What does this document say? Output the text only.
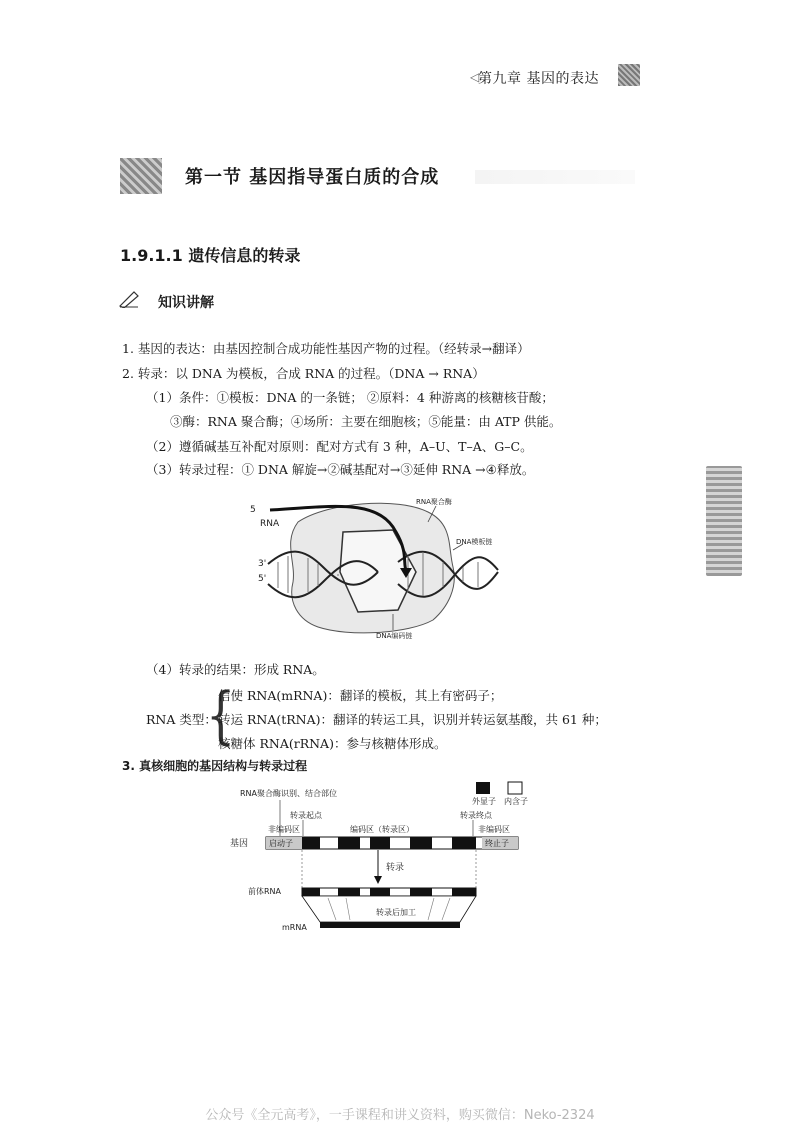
◁
第九章 基因的表达
第一节 基因指导蛋白质的合成
1.9.1.1 遗传信息的转录
知识讲解
1. 基因的表达：由基因控制合成功能性基因产物的过程。（经转录→翻译）
2. 转录：以 DNA 为模板，合成 RNA 的过程。（DNA → RNA）
（1）条件：①模板：DNA 的一条链； ②原料：4 种游离的核糖核苷酸；
③酶：RNA 聚合酶；④场所：主要在细胞核；⑤能量：由 ATP 供能。
（2）遵循碱基互补配对原则：配对方式有 3 种，A–U、T–A、G–C。
（3）转录过程：① DNA 解旋→②碱基配对→③延伸 RNA →④释放。
5
RNA
RNA聚合酶
DNA模板链
3'
5'
DNA编码链
（4）转录的结果：形成 RNA。
RNA 类型：
{
信使 RNA(mRNA)：翻译的模板，其上有密码子；
转运 RNA(tRNA)：翻译的转运工具，识别并转运氨基酸，共 61 种；
核糖体 RNA(rRNA)：参与核糖体形成。
3. 真核细胞的基因结构与转录过程
外显子 内含子
RNA聚合酶识别、结合部位
转录起点	转录终点
非编码区	编码区（转录区）	非编码区
基因	启动子	终止子
转录
前体RNA
转录后加工
mRNA
公众号《全元高考》，一手课程和讲义资料，购买微信：Neko-2324
